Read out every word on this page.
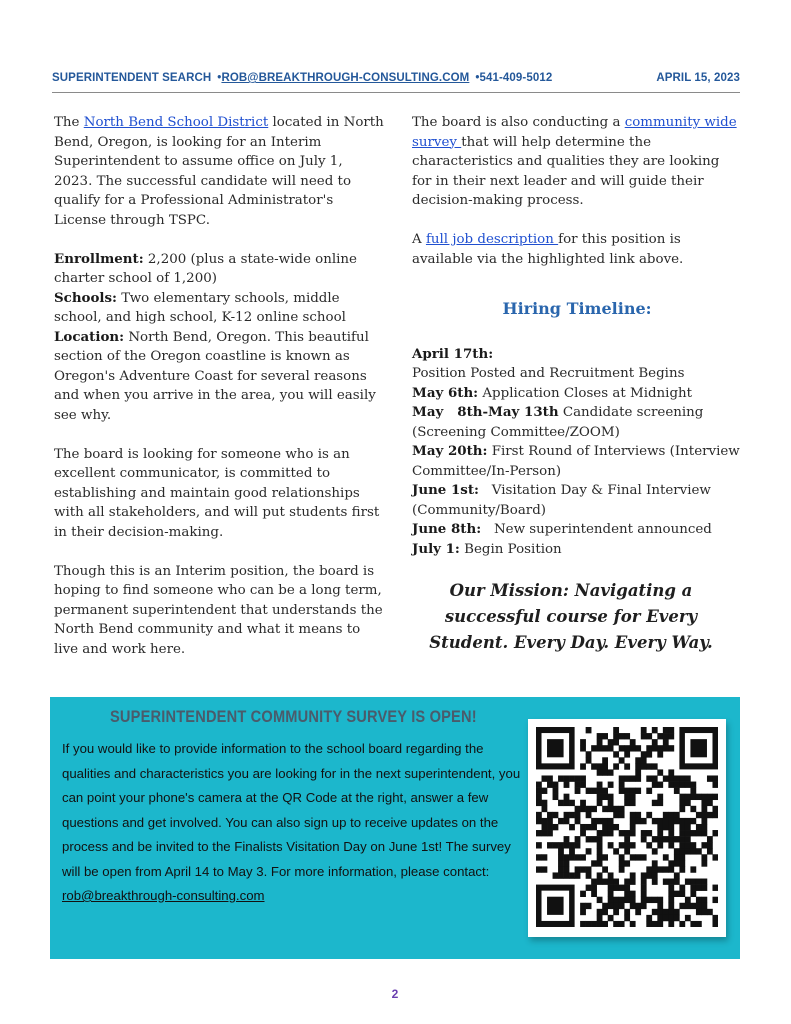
SUPERINTENDENT SEARCH •ROB@BREAKTHROUGH-CONSULTING.COM •541-409-5012	APRIL 15, 2023

The North Bend School District located in North Bend, Oregon, is looking for an Interim Superintendent to assume office on July 1, 2023. The successful candidate will need to qualify for a Professional Administrator's License through TSPC.

Enrollment: 2,200 (plus a state-wide online charter school of 1,200)

Schools: Two elementary schools, middle school, and high school, K-12 online school

Location: North Bend, Oregon. This beautiful section of the Oregon coastline is known as Oregon's Adventure Coast for several reasons and when you arrive in the area, you will easily see why.

The board is looking for someone who is an excellent communicator, is committed to establishing and maintain good relationships with all stakeholders, and will put students first in their decision-making.

Though this is an Interim position, the board is hoping to find someone who can be a long term, permanent superintendent that understands the North Bend community and what it means to live and work here.

The board is also conducting a community wide survey that will help determine the characteristics and qualities they are looking for in their next leader and will guide their decision-making process.

A full job description for this position is available via the highlighted link above.

Hiring Timeline:
April 17th:
Position Posted and Recruitment Begins
May 6th: Application Closes at Midnight
May   8th-May 13th Candidate screening (Screening Committee/ZOOM)
May 20th: First Round of Interviews (Interview Committee/In-Person)
June 1st:   Visitation Day & Final Interview (Community/Board)
June 8th:   New superintendent announced
July 1: Begin Position
Our Mission: Navigating a successful course for Every Student. Every Day. Every Way.
SUPERINTENDENT COMMUNITY SURVEY IS OPEN!
If you would like to provide information to the school board regarding the qualities and characteristics you are looking for in the next superintendent, you can point your phone's camera at the QR Code at the right, answer a few questions and get involved. You can also sign up to receive updates on the process and be invited to the Finalists Visitation Day on June 1st! The survey will be open from April 14 to May 3. For more information, please contact: rob@breakthrough-consulting.com
2
